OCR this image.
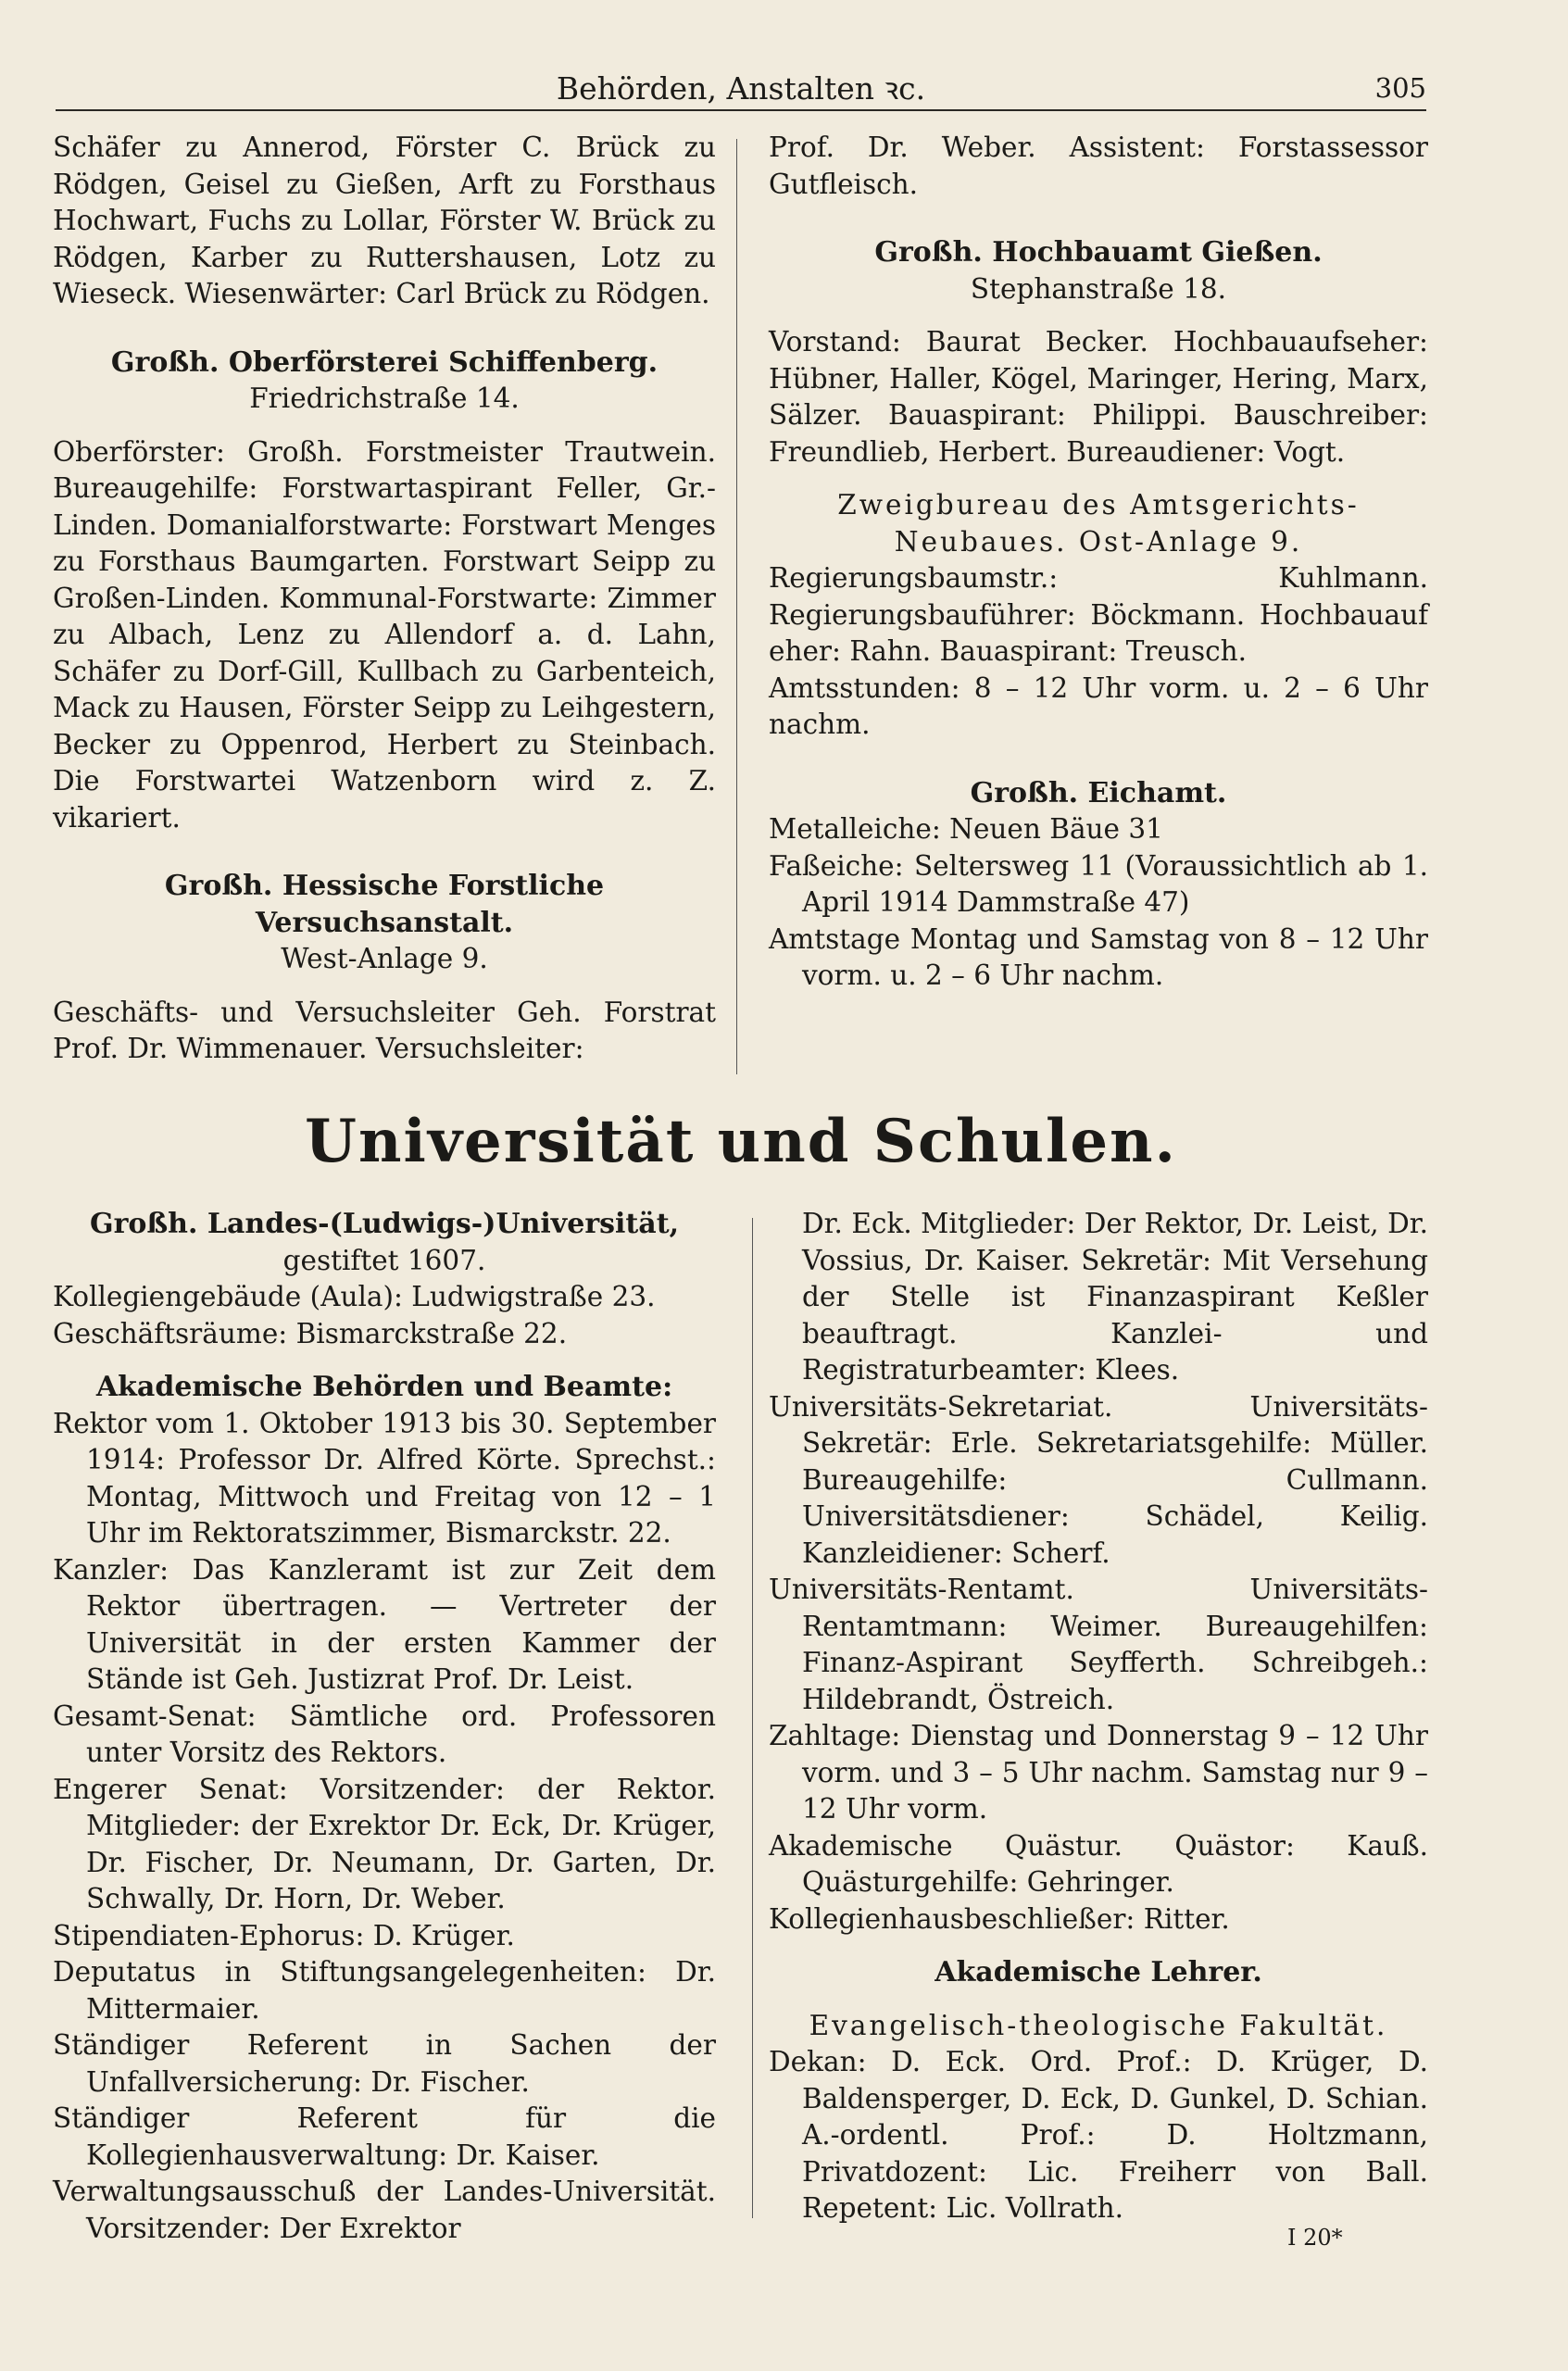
Behörden, Anstalten ꝛc.	305

Schäfer zu Annerod, Förster C. Brück zu Rödgen, Geisel zu Gießen, Arft zu Forsthaus Hochwart, Fuchs zu Lollar, Förster W. Brück zu Rödgen, Karber zu Ruttershausen, Lotz zu Wieseck. Wiesenwärter: Carl Brück zu Rödgen.

Großh. Oberförsterei Schiffenberg.

Friedrichstraße 14.

Oberförster: Großh. Forstmeister Trautwein. Bureaugehilfe: Forstwartaspirant Feller, Gr.-Linden. Domanialforstwarte: Forstwart Menges zu Forsthaus Baumgarten. Forstwart Seipp zu Großen-Linden. Kommunal-Forstwarte: Zimmer zu Albach, Lenz zu Allendorf a. d. Lahn, Schäfer zu Dorf-Gill, Kullbach zu Garbenteich, Mack zu Hausen, Förster Seipp zu Leihgestern, Becker zu Oppenrod, Herbert zu Steinbach. Die Forstwartei Watzenborn wird z. Z. vikariert.

Großh. Hessische Forstliche Versuchsanstalt.

West-Anlage 9.

Geschäfts- und Versuchsleiter Geh. Forstrat Prof. Dr. Wimmenauer. Versuchsleiter:

Prof. Dr. Weber. Assistent: Forstassessor Gutfleisch.

Großh. Hochbauamt Gießen.

Stephanstraße 18.

Vorstand: Baurat Becker. Hochbauaufseher: Hübner, Haller, Kögel, Maringer, Hering, Marx, Sälzer. Bauaspirant: Philippi. Bauschreiber: Freundlieb, Herbert. Bureaudiener: Vogt.

Zweigbureau des Amtsgerichts-Neubaues. Ost-Anlage 9.

Regierungsbaumstr.: Kuhlmann. Regierungsbauführer: Böckmann. Hochbauauf eher: Rahn. Bauaspirant: Treusch.

Amtsstunden: 8 – 12 Uhr vorm. u. 2 – 6 Uhr nachm.

Großh. Eichamt.

Metalleiche: Neuen Bäue 31

Faßeiche: Seltersweg 11 (Voraussichtlich ab 1. April 1914 Dammstraße 47)

Amtstage Montag und Samstag von 8 – 12 Uhr vorm. u. 2 – 6 Uhr nachm.

Universität und Schulen.

Großh. Landes-(Ludwigs-)Universität,

gestiftet 1607.

Kollegiengebäude (Aula): Ludwigstraße 23.

Geschäftsräume: Bismarckstraße 22.

Akademische Behörden und Beamte:

Rektor vom 1. Oktober 1913 bis 30. September 1914: Professor Dr. Alfred Körte. Sprechst.: Montag, Mittwoch und Freitag von 12 – 1 Uhr im Rektoratszimmer, Bismarckstr. 22.

Kanzler: Das Kanzleramt ist zur Zeit dem Rektor übertragen. — Vertreter der Universität in der ersten Kammer der Stände ist Geh. Justizrat Prof. Dr. Leist.

Gesamt-Senat: Sämtliche ord. Professoren unter Vorsitz des Rektors.

Engerer Senat: Vorsitzender: der Rektor. Mitglieder: der Exrektor Dr. Eck, Dr. Krüger, Dr. Fischer, Dr. Neumann, Dr. Garten, Dr. Schwally, Dr. Horn, Dr. Weber.

Stipendiaten-Ephorus: D. Krüger.

Deputatus in Stiftungsangelegenheiten: Dr. Mittermaier.

Ständiger Referent in Sachen der Unfallversicherung: Dr. Fischer.

Ständiger Referent für die Kollegienhausverwaltung: Dr. Kaiser.

Verwaltungsausschuß der Landes-Universität. Vorsitzender: Der Exrektor

Dr. Eck. Mitglieder: Der Rektor, Dr. Leist, Dr. Vossius, Dr. Kaiser. Sekretär: Mit Versehung der Stelle ist Finanzaspirant Keßler beauftragt. Kanzlei- und Registraturbeamter: Klees.

Universitäts-Sekretariat. Universitäts-Sekretär: Erle. Sekretariatsgehilfe: Müller. Bureaugehilfe: Cullmann. Universitätsdiener: Schädel, Keilig. Kanzleidiener: Scherf.

Universitäts-Rentamt. Universitäts-Rentamtmann: Weimer. Bureaugehilfen: Finanz-Aspirant Seyfferth. Schreibgeh.: Hildebrandt, Östreich.

Zahltage: Dienstag und Donnerstag 9 – 12 Uhr vorm. und 3 – 5 Uhr nachm. Samstag nur 9 – 12 Uhr vorm.

Akademische Quästur. Quästor: Kauß. Quästurgehilfe: Gehringer.

Kollegienhausbeschließer: Ritter.

Akademische Lehrer.

Evangelisch-theologische Fakultät.

Dekan: D. Eck. Ord. Prof.: D. Krüger, D. Baldensperger, D. Eck, D. Gunkel, D. Schian. A.-ordentl. Prof.: D. Holtzmann, Privatdozent: Lic. Freiherr von Ball. Repetent: Lic. Vollrath.

I 20*
